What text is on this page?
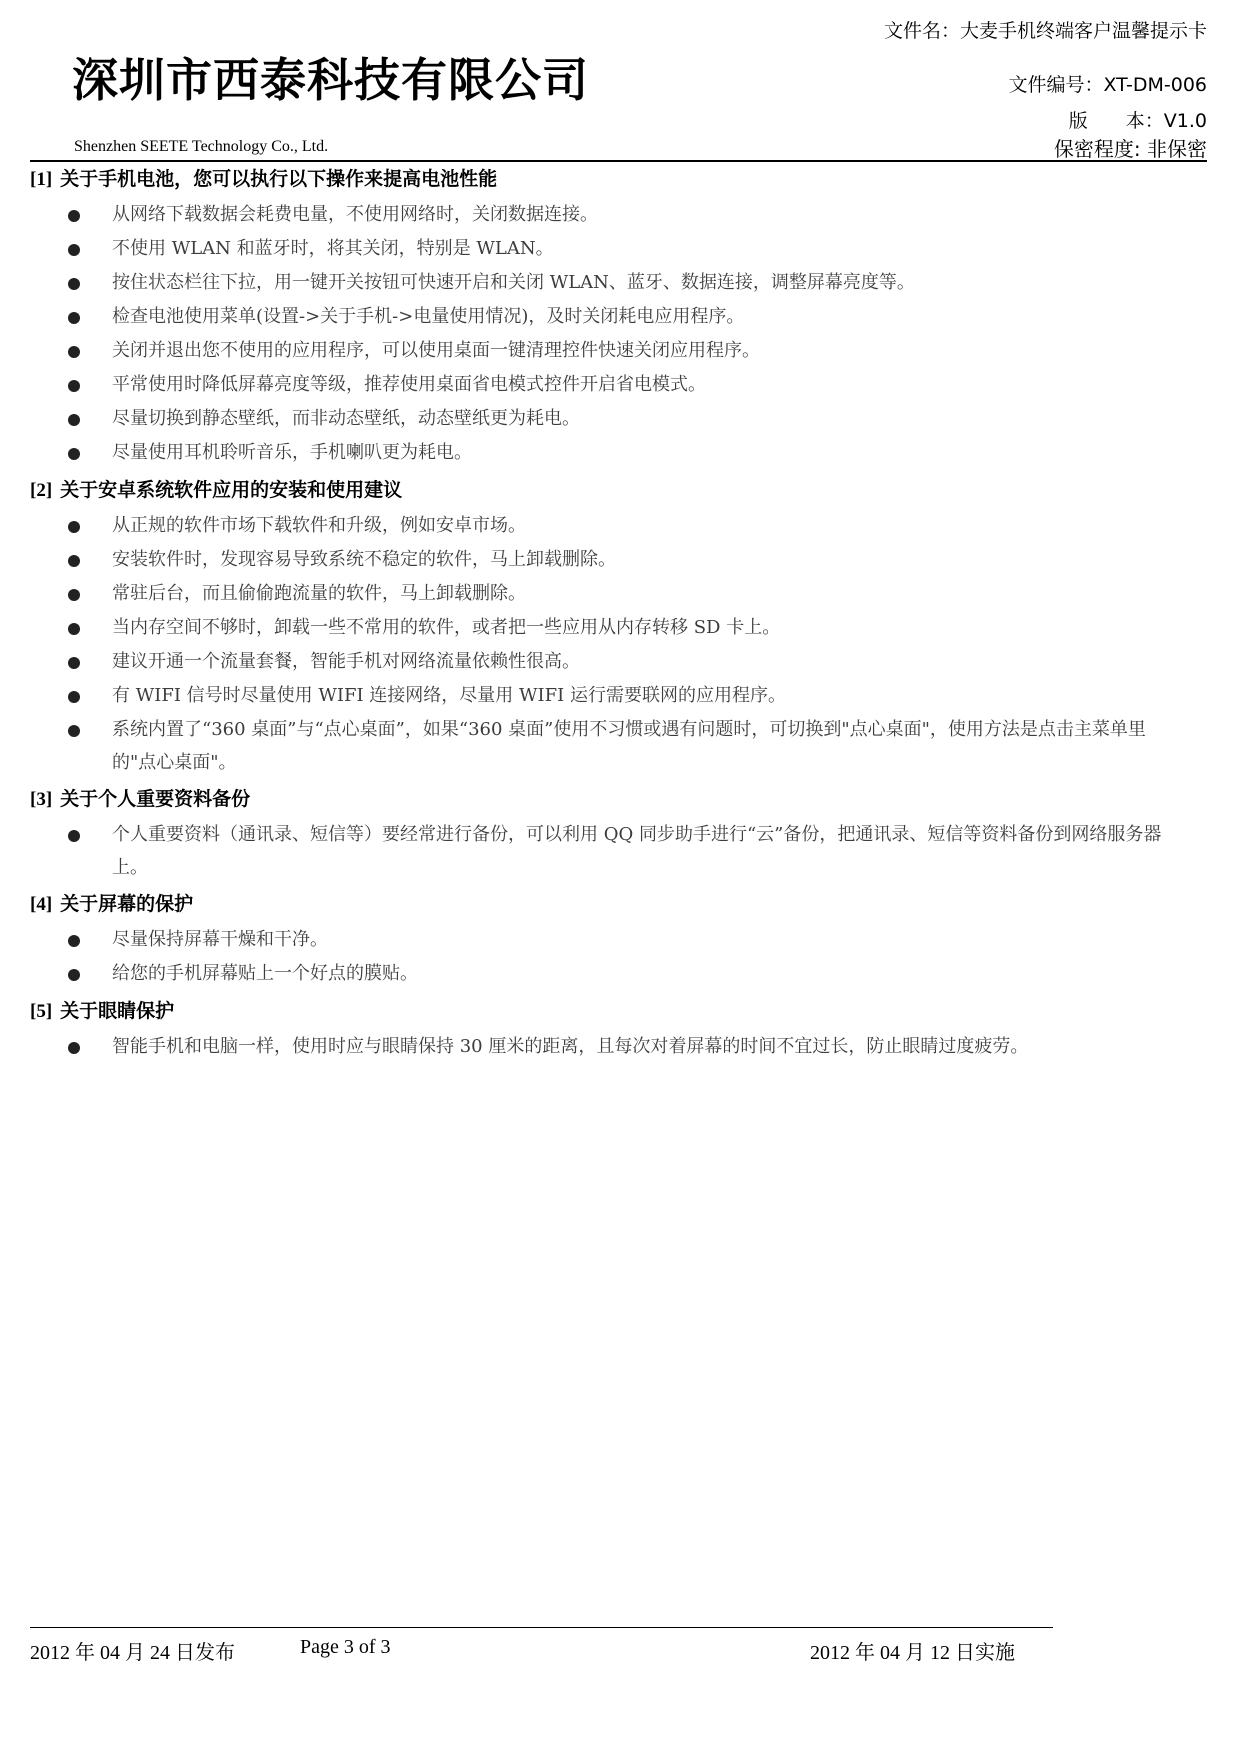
深圳市西泰科技有限公司
Shenzhen SEETE Technology Co., Ltd.
文件名：大麦手机终端客户温馨提示卡
文件编号：XT-DM-006
版　　本：V1.0
保密程度: 非保密
[1] 关于手机电池，您可以执行以下操作来提高电池性能
从网络下载数据会耗费电量，不使用网络时，关闭数据连接。
不使用 WLAN 和蓝牙时，将其关闭，特别是 WLAN。
按住状态栏往下拉，用一键开关按钮可快速开启和关闭 WLAN、蓝牙、数据连接，调整屏幕亮度等。
检查电池使用菜单(设置->关于手机->电量使用情况)，及时关闭耗电应用程序。
关闭并退出您不使用的应用程序，可以使用桌面一键清理控件快速关闭应用程序。
平常使用时降低屏幕亮度等级，推荐使用桌面省电模式控件开启省电模式。
尽量切换到静态壁纸，而非动态壁纸，动态壁纸更为耗电。
尽量使用耳机聆听音乐，手机喇叭更为耗电。
[2] 关于安卓系统软件应用的安装和使用建议
从正规的软件市场下载软件和升级，例如安卓市场。
安装软件时，发现容易导致系统不稳定的软件，马上卸载删除。
常驻后台，而且偷偷跑流量的软件，马上卸载删除。
当内存空间不够时，卸载一些不常用的软件，或者把一些应用从内存转移 SD 卡上。
建议开通一个流量套餐，智能手机对网络流量依赖性很高。
有 WIFI 信号时尽量使用 WIFI 连接网络，尽量用 WIFI 运行需要联网的应用程序。
系统内置了“360 桌面”与“点心桌面”，如果“360 桌面”使用不习惯或遇有问题时，可切换到"点心桌面"，使用方法是点击主菜单里的"点心桌面"。
[3] 关于个人重要资料备份
个人重要资料（通讯录、短信等）要经常进行备份，可以利用 QQ 同步助手进行“云”备份，把通讯录、短信等资料备份到网络服务器上。
[4] 关于屏幕的保护
尽量保持屏幕干燥和干净。
给您的手机屏幕贴上一个好点的膜贴。
[5] 关于眼睛保护
智能手机和电脑一样，使用时应与眼睛保持 30 厘米的距离，且每次对着屏幕的时间不宜过长，防止眼睛过度疲劳。
2012 年 04 月 24 日发布	Page 3 of 3	2012 年 04 月 12 日实施
